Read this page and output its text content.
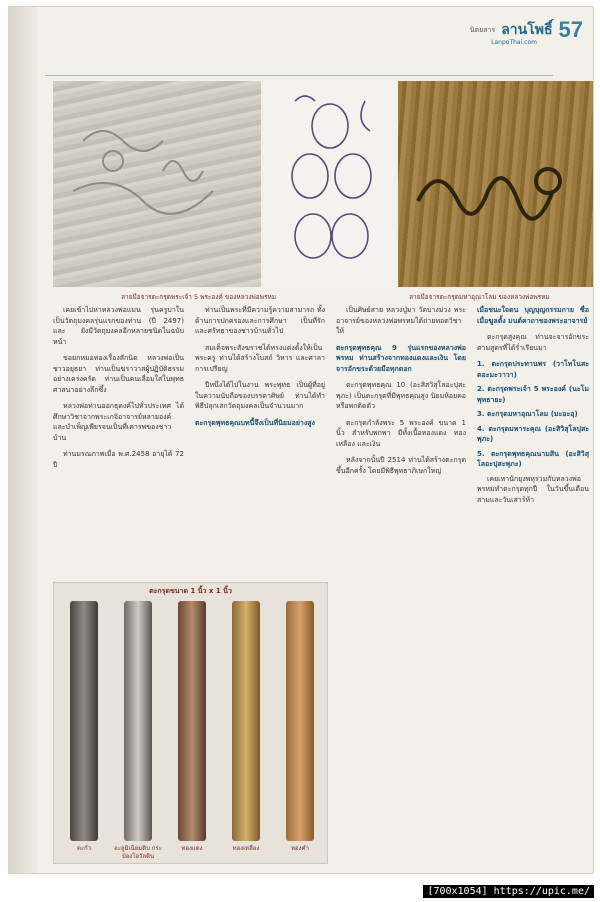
นิตยสาร ลานโพธิ์
LanpoThai.com
57
ลายมือจารตะกรุดพระเจ้า 5 พระองค์ ของหลวงพ่อพรหม	ลายมือจารตะกรุดมหาอุณาโลม ของหลวงพ่อพรหม

เคยเข้าไปหาหลวงพ่อแมน รุ่นครูบาใน เป็นวัตถุมงคลรุ่นแรกของท่าน (ปี 2497) และ ยังมีวัตถุมงคลอีกหลายชนิดในฉบับหน้า

ขอยกหมอทองเรื่องสักนิด หลวงพ่อเป็น ชาวอยุธยา ท่านเป็นฆราวาสผู้ปฏิบัติธรรมอย่างเคร่งครัด ท่านเป็นคนเลื่อมใสในพุทธศาสนาอย่างลึกซึ้ง

หลวงพ่อท่านออกธุดงค์ไปทั่วประเทศ ได้ศึกษาวิชาจากพระเกจิอาจารย์หลายองค์ และบำเพ็ญเพียรจนเป็นที่เคารพของชาวบ้าน

ท่านมรณภาพเมื่อ พ.ศ.2458 อายุได้ 72 ปี

ท่านเป็นพระที่มีความรู้ความสามารถ ทั้งด้านการปกครองและการศึกษา เป็นที่รักและศรัทธาของชาวบ้านทั่วไป

สมเด็จพระสังฆราชได้ทรงแต่งตั้งให้เป็นพระครู ท่านได้สร้างโบสถ์ วิหาร และศาลาการเปรียญ

ปีหนึ่งได้ไปในงาน พระพุทธ เป็นผู้ที่อยู่ในความนับถือของบรรดาศิษย์ ท่านได้ทำพิธีปลุกเสกวัตถุมงคลเป็นจำนวนมาก

ตะกรุดพุทธคุณบทนี้จึงเป็นที่นิยมอย่างสูง

ตะกรุดขนาด 1 นิ้ว x 1 นิ้ว
ตะกั่ว	อะลูมิเนียมดิบ กระป๋องโอวัลติน
ทองแดง	ทองเหลือง	ทองคำ

เป็นศิษย์สาย หลวงปู่มา วัดบางม่วง พระอาจารย์ของหลวงพ่อพรหมได้ถ่ายทอดวิชาให้

ตะกรุดพุทธคุณ 9 รุ่นแรกของหลวงพ่อพรหม ท่านสร้างจากทองแดงและเงิน โดยจารอักขระด้วยมือทุกดอก

ตะกรุดพุทธคุณ 10 (อะสิสวิสุโลอะปุสะพุภะ) เป็นตะกรุดที่มีพุทธคุณสูง นิยมห้อยคอหรือพกติดตัว

ตะกรุดกำลังพระ 5 พระองค์ ขนาด 1 นิ้ว สำหรับพกพา มีทั้งเนื้อทองแดง ทองเหลือง และเงิน

หลังจากนั้นปี 2514 ท่านได้สร้างตะกรุดขึ้นอีกครั้ง โดยมีพิธีพุทธาภิเษกใหญ่

เมื่อชนะใจตน บุญบุญกรรมกาย ซื่อเมื่อฆูลตั้ง มนต์คาถาของพระอาจารย์

ตะกรุดสูงคุณ ท่านจะจารอักขระตามสูตรที่ได้ร่ำเรียนมา

1. ตะกรุดประทานพร (วาโทโนสะตอะมะวาวา)

2. ตะกรุดพระเจ้า 5 พระองค์ (นะโมพุทธายะ)

3. ตะกรุดมหาอุณาโลม (มะอะอุ)

4. ตะกรุดมหาระคุณ (อะสิวิสุโลปุสะพุภะ)

5. ตะกรุดพุทธคุณนามสิน (อะสิวิสุโลอะปุสะพุภะ)

เคยเหานักยุงพหุร่วมกับหลวงพ่อพรหมทำตะกรุดทุกปี ในวันขึ้นเดือนสามและวันเสาร์ห้า

[700x1054] https://upic.me/
